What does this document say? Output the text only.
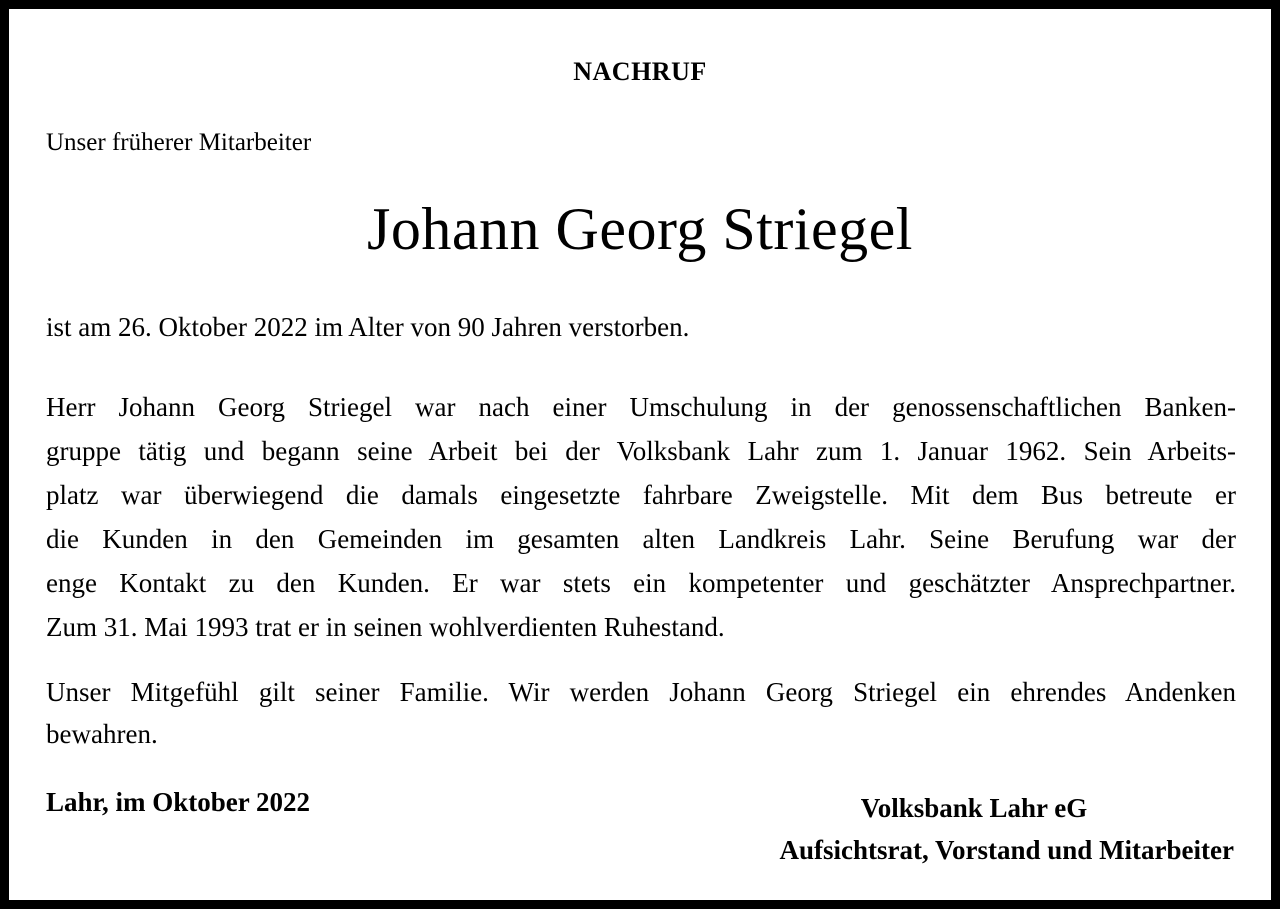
NACHRUF
Unser früherer Mitarbeiter
Johann Georg Striegel
ist am 26. Oktober 2022 im Alter von 90 Jahren verstorben.
Herr Johann Georg Striegel war nach einer Umschulung in der genossenschaftlichen Banken-
gruppe tätig und begann seine Arbeit bei der Volksbank Lahr zum 1. Januar 1962. Sein Arbeits-
platz war überwiegend die damals eingesetzte fahrbare Zweigstelle. Mit dem Bus betreute er
die Kunden in den Gemeinden im gesamten alten Landkreis Lahr. Seine Berufung war der
enge Kontakt zu den Kunden. Er war stets ein kompetenter und geschätzter Ansprechpartner.
Zum 31. Mai 1993 trat er in seinen wohlverdienten Ruhestand.
Unser Mitgefühl gilt seiner Familie. Wir werden Johann Georg Striegel ein ehrendes Andenken
bewahren.
Lahr, im Oktober 2022	Volksbank Lahr eG
Aufsichtsrat, Vorstand und Mitarbeiter
